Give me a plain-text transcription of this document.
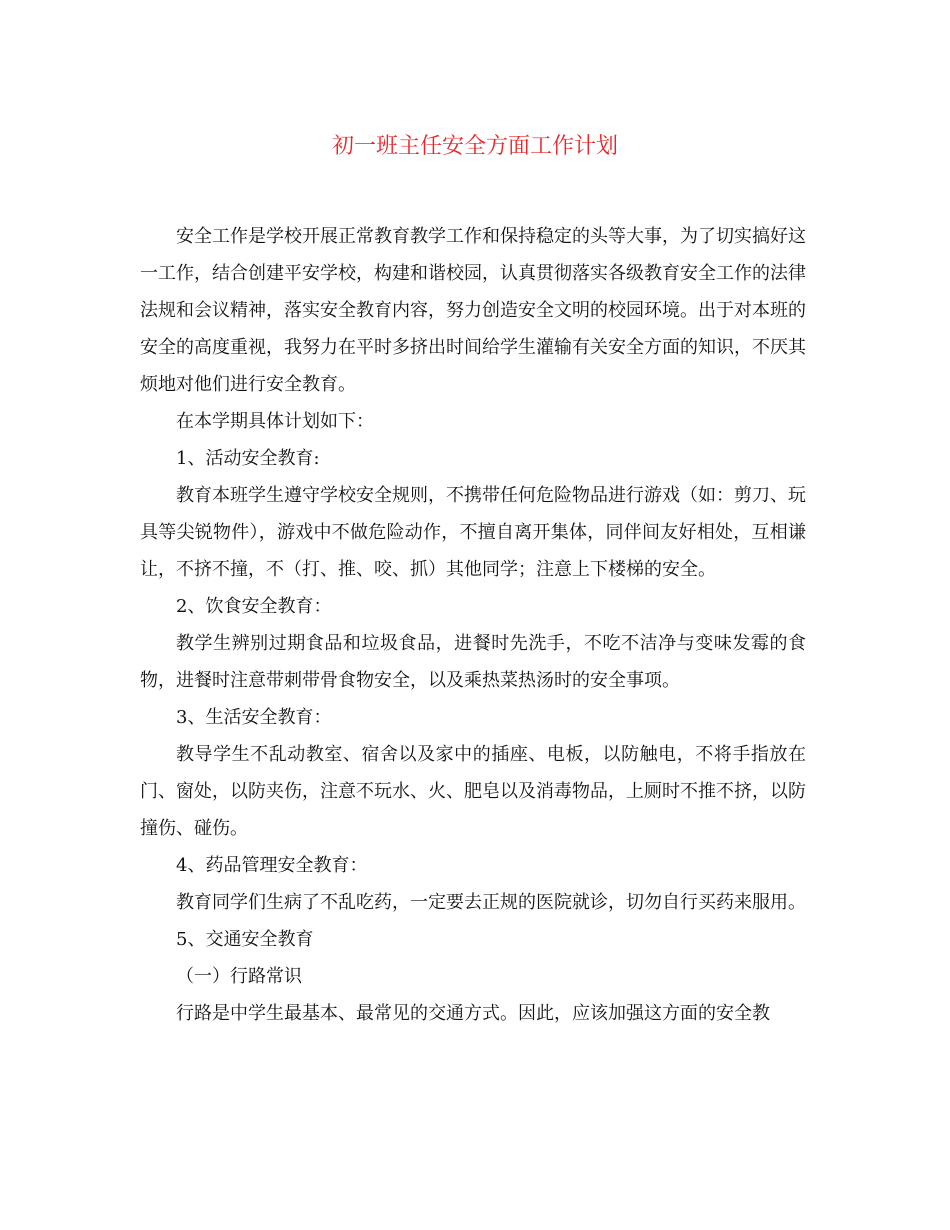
初一班主任安全方面工作计划

安全工作是学校开展正常教育教学工作和保持稳定的头等大事，为了切实搞好这一工作，结合创建平安学校，构建和谐校园，认真贯彻落实各级教育安全工作的法律法规和会议精神，落实安全教育内容，努力创造安全文明的校园环境。出于对本班的安全的高度重视，我努力在平时多挤出时间给学生灌输有关安全方面的知识，不厌其烦地对他们进行安全教育。

在本学期具体计划如下：

1、活动安全教育:

教育本班学生遵守学校安全规则，不携带任何危险物品进行游戏（如：剪刀、玩具等尖锐物件），游戏中不做危险动作，不擅自离开集体，同伴间友好相处，互相谦让，不挤不撞，不（打、推、咬、抓）其他同学；注意上下楼梯的安全。

2、饮食安全教育：

教学生辨别过期食品和垃圾食品，进餐时先洗手，不吃不洁净与变味发霉的食物，进餐时注意带刺带骨食物安全，以及乘热菜热汤时的安全事项。

3、生活安全教育：

教导学生不乱动教室、宿舍以及家中的插座、电板，以防触电，不将手指放在门、窗处，以防夹伤，注意不玩水、火、肥皂以及消毒物品，上厕时不推不挤，以防撞伤、碰伤。

4、药品管理安全教育：

教育同学们生病了不乱吃药，一定要去正规的医院就诊，切勿自行买药来服用。

5、交通安全教育

（一）行路常识

行路是中学生最基本、最常见的交通方式。因此，应该加强这方面的安全教
